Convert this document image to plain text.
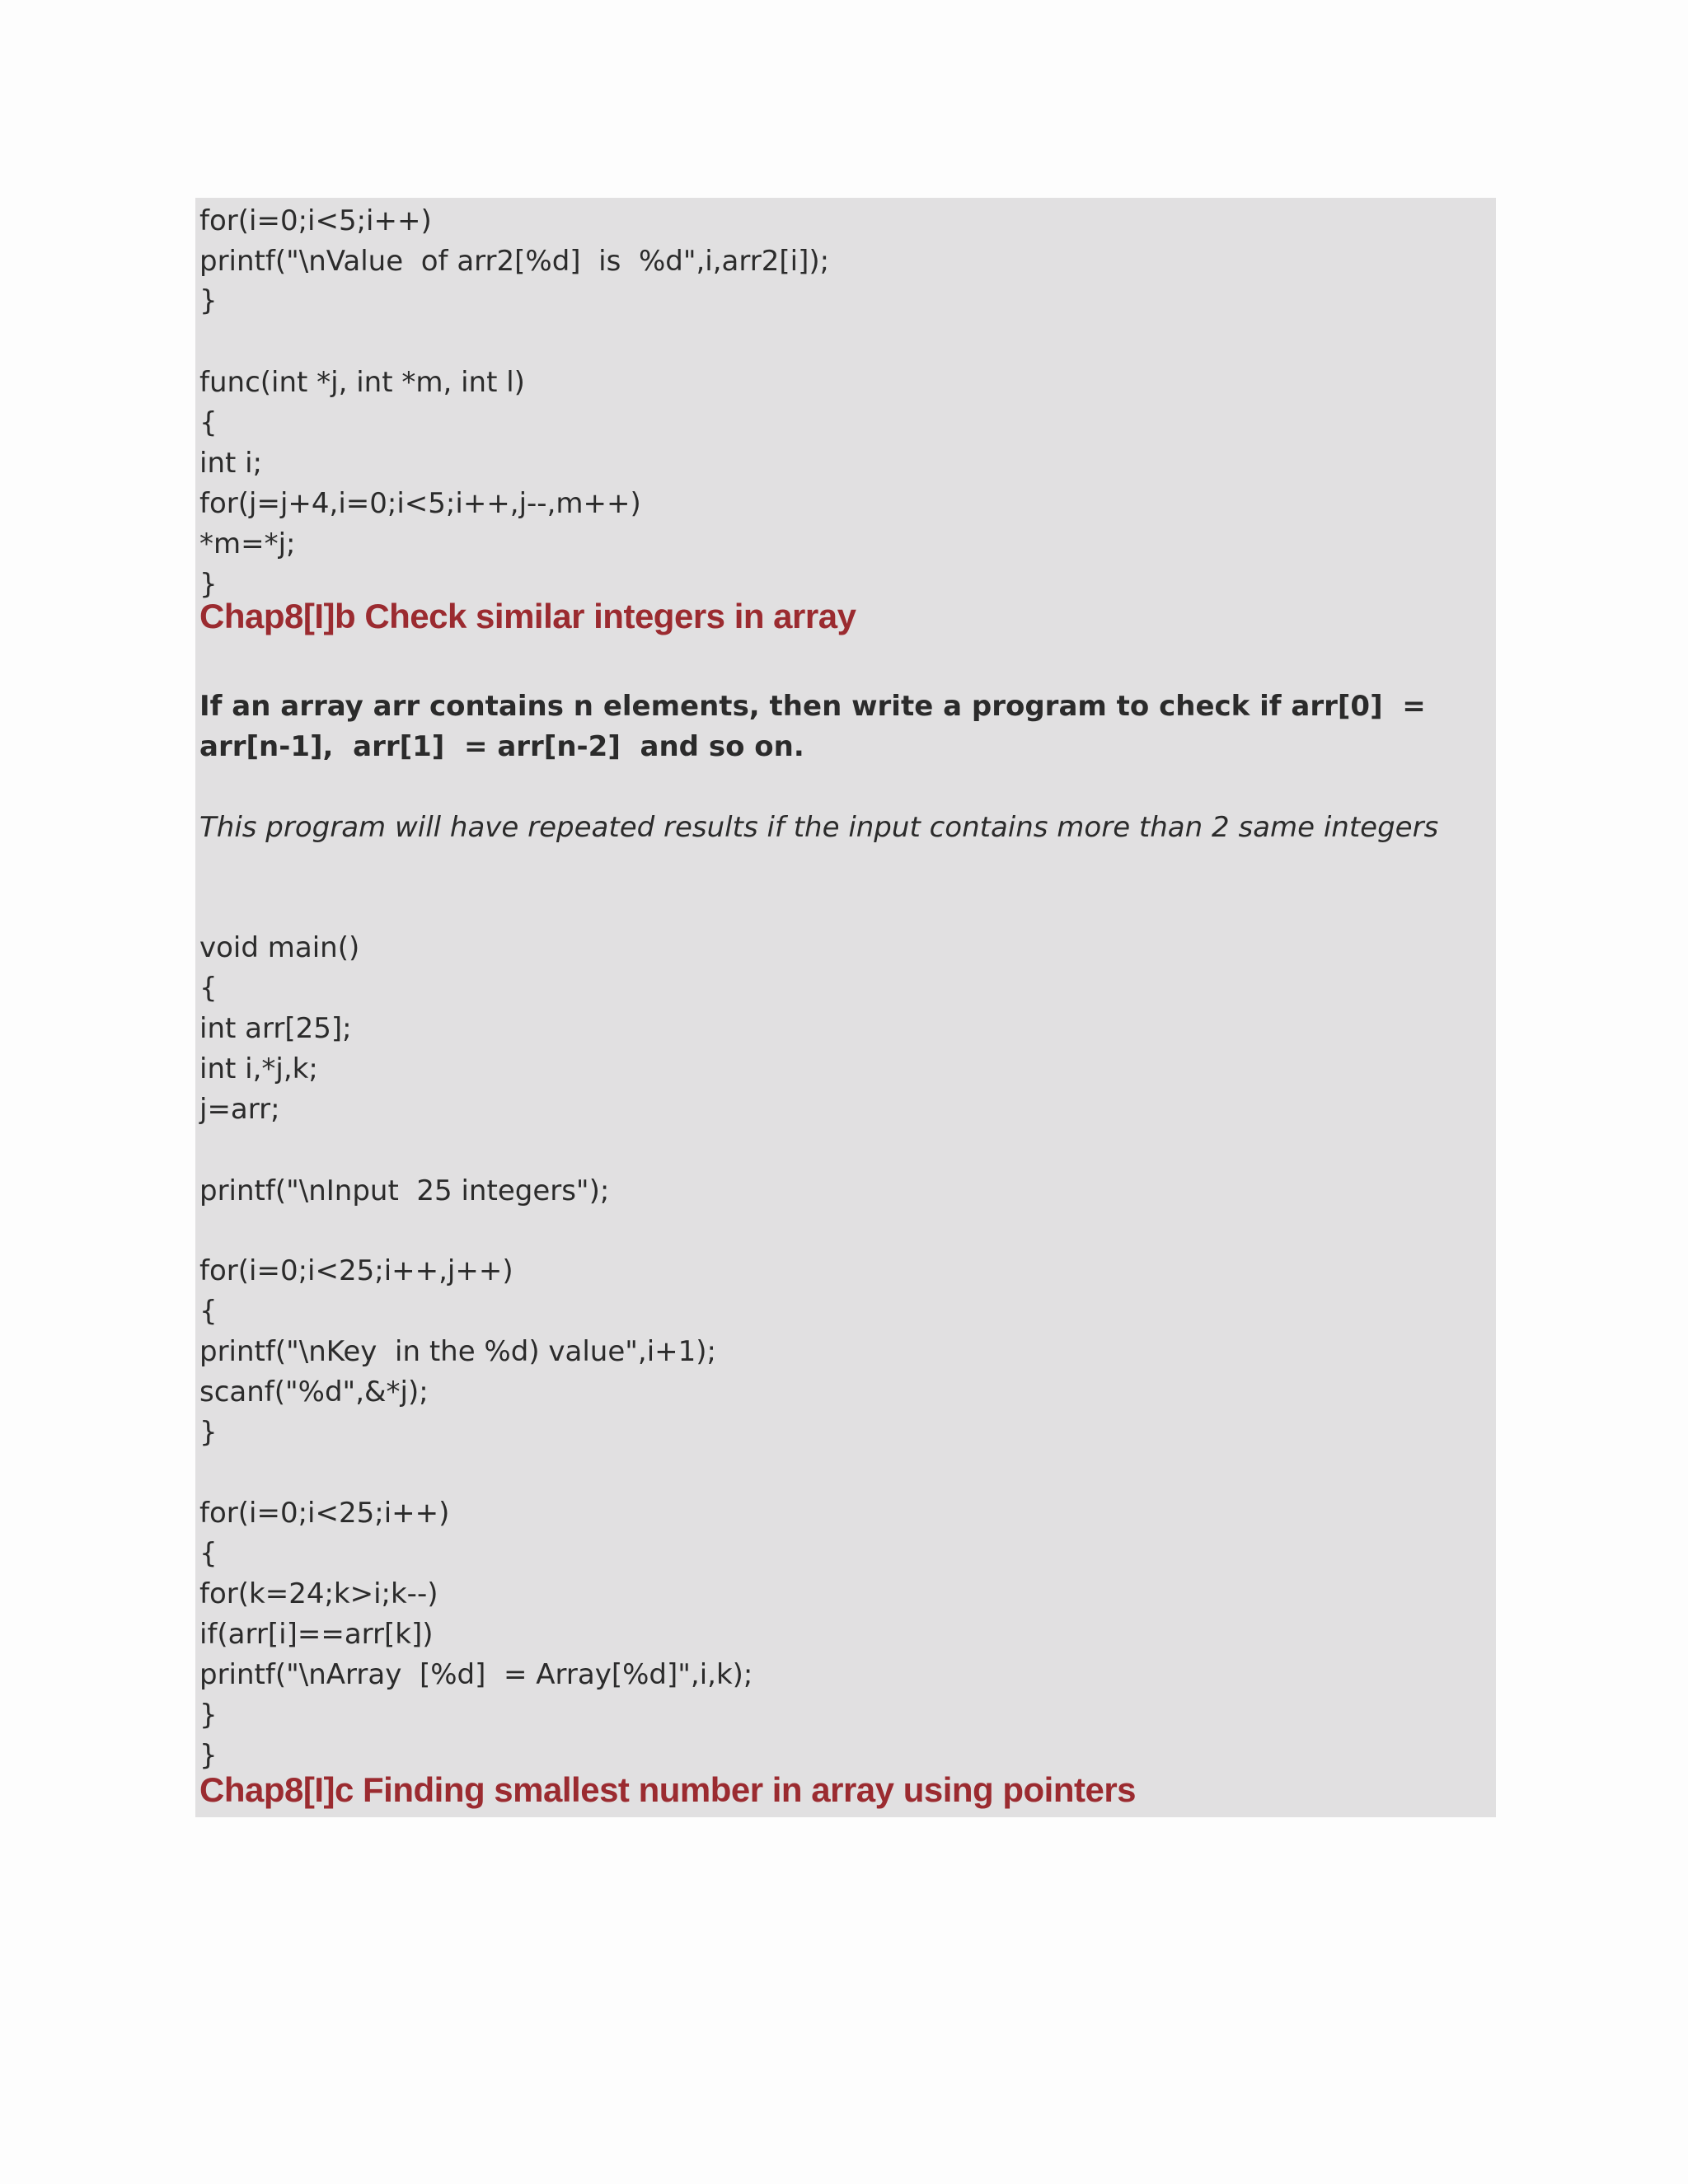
for(i=0;i<5;i++)

printf("\nValue  of arr2[%d]  is  %d",i,arr2[i]);

}

func(int *j, int *m, int l)

{

int i;

for(j=j+4,i=0;i<5;i++,j--,m++)

*m=*j;

}

Chap8[I]b Check similar integers in array

If an array arr contains n elements, then write a program to check if arr[0]  =

arr[n-1],  arr[1]  = arr[n-2]  and so on.

This program will have repeated results if the input contains more than 2 same integers

void main()

{

int arr[25];

int i,*j,k;

j=arr;

printf("\nInput  25 integers");

for(i=0;i<25;i++,j++)

{

printf("\nKey  in the %d) value",i+1);

scanf("%d",&*j);

}

for(i=0;i<25;i++)

{

for(k=24;k>i;k--)

if(arr[i]==arr[k])

printf("\nArray  [%d]  = Array[%d]",i,k);

}

}

Chap8[I]c Finding smallest number in array using pointers
